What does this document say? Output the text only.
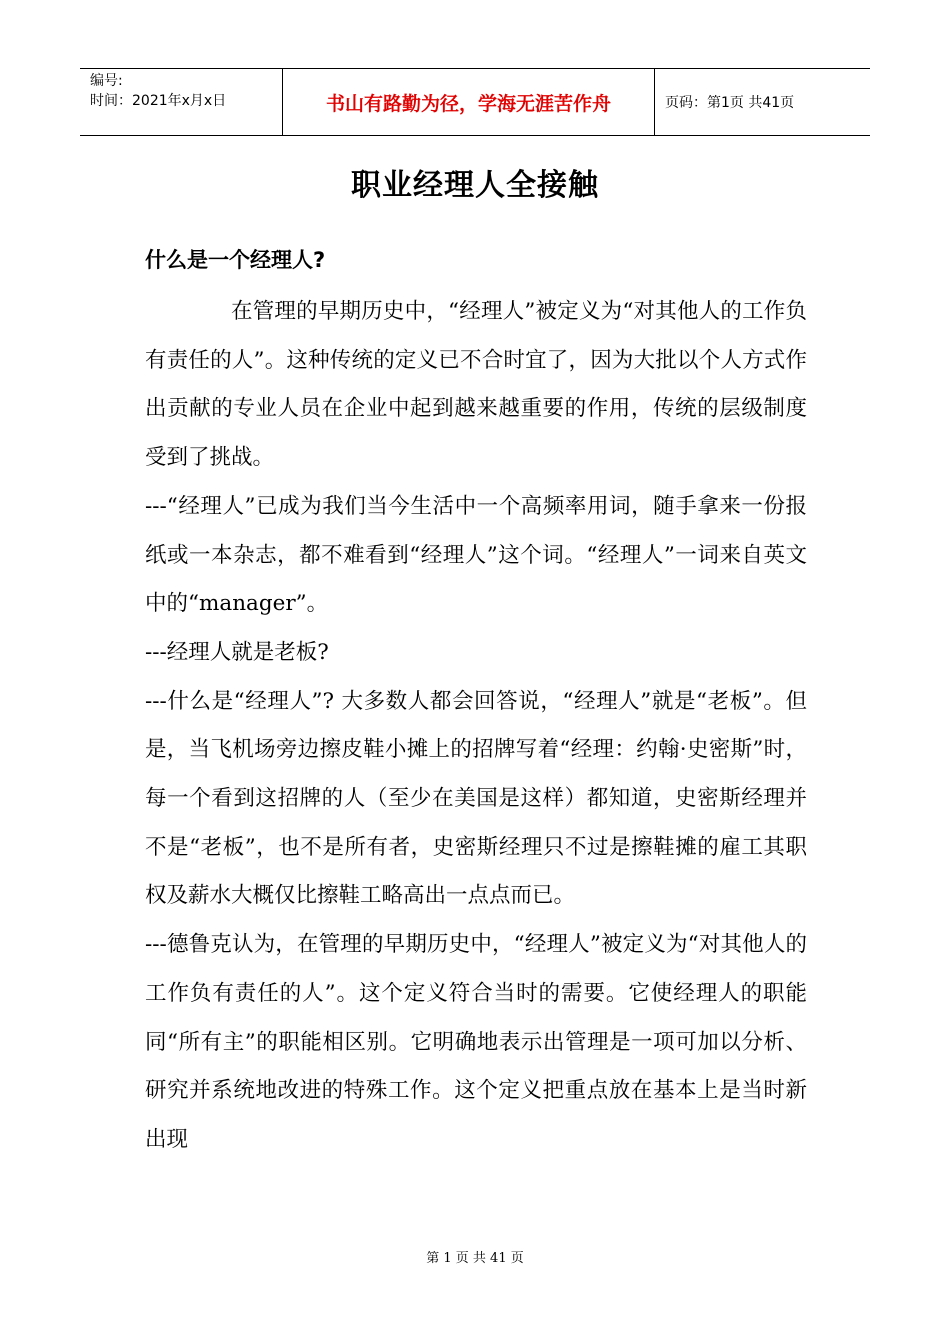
编号:
时间：2021年x月x日	书山有路勤为径，学海无涯苦作舟	页码：第1页 共41页
职业经理人全接触
什么是一个经理人?

在管理的早期历史中，“经理人”被定义为“对其他人的工作负有责任的人”。这种传统的定义已不合时宜了，因为大批以个人方式作出贡献的专业人员在企业中起到越来越重要的作用，传统的层级制度受到了挑战。

---“经理人”已成为我们当今生活中一个高频率用词，随手拿来一份报纸或一本杂志，都不难看到“经理人”这个词。“经理人”一词来自英文中的“manager”。

---经理人就是老板?

---什么是“经理人”? 大多数人都会回答说，“经理人”就是“老板”。但是，当飞机场旁边擦皮鞋小摊上的招牌写着“经理：约翰·史密斯”时，每一个看到这招牌的人（至少在美国是这样）都知道，史密斯经理并不是“老板”，也不是所有者，史密斯经理只不过是擦鞋摊的雇工其职权及薪水大概仅比擦鞋工略高出一点点而已。

---德鲁克认为，在管理的早期历史中，“经理人”被定义为“对其他人的工作负有责任的人”。这个定义符合当时的需要。它使经理人的职能同“所有主”的职能相区别。它明确地表示出管理是一项可加以分析、研究并系统地改进的特殊工作。这个定义把重点放在基本上是当时新出现

第 1 页 共 41 页
